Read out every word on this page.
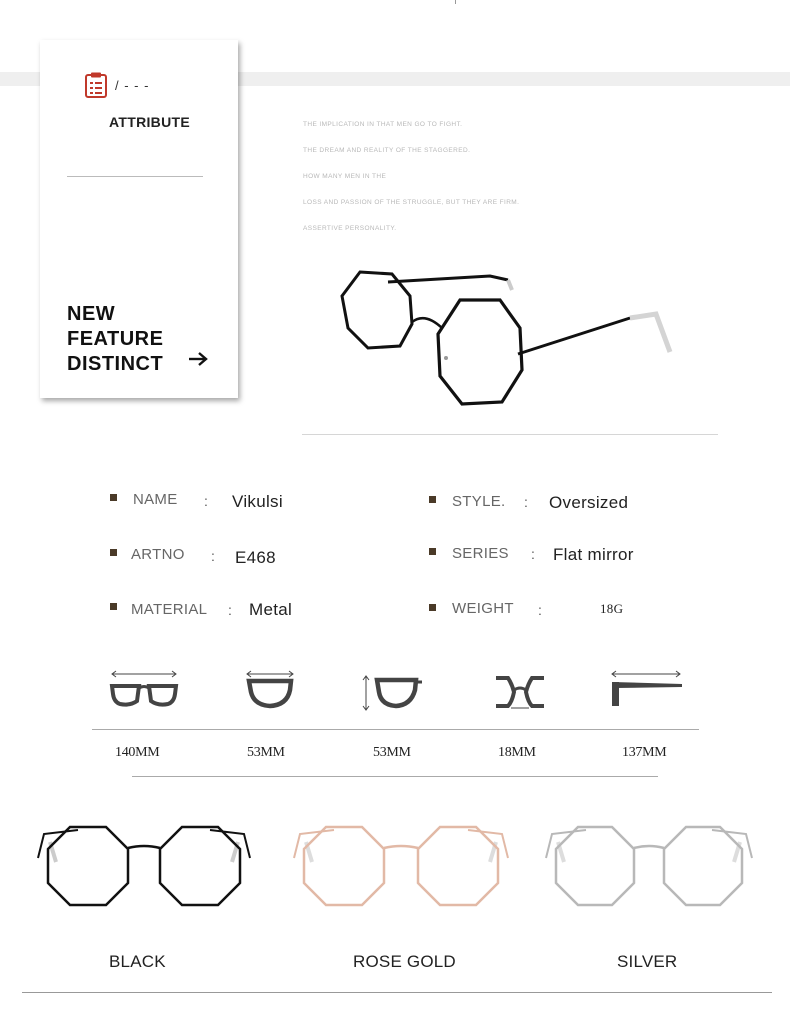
/ - - -
ATTRIBUTE
NEW
FEATURE
DISTINCT
THE IMPLICATION IN THAT MEN GO TO FIGHT.
THE DREAM AND REALITY OF THE STAGGERED.
HOW MANY MEN IN THE
LOSS AND PASSION OF THE STRUGGLE, BUT THEY ARE FIRM.
ASSERTIVE PERSONALITY.
NAME : Vikulsi
ARTNO : E468
MATERIAL : Metal
STYLE. : Oversized
SERIES : Flat mirror
WEIGHT :	18G
140MM	53MM	53MM	18MM	137MM
BLACK	ROSE GOLD	SILVER
